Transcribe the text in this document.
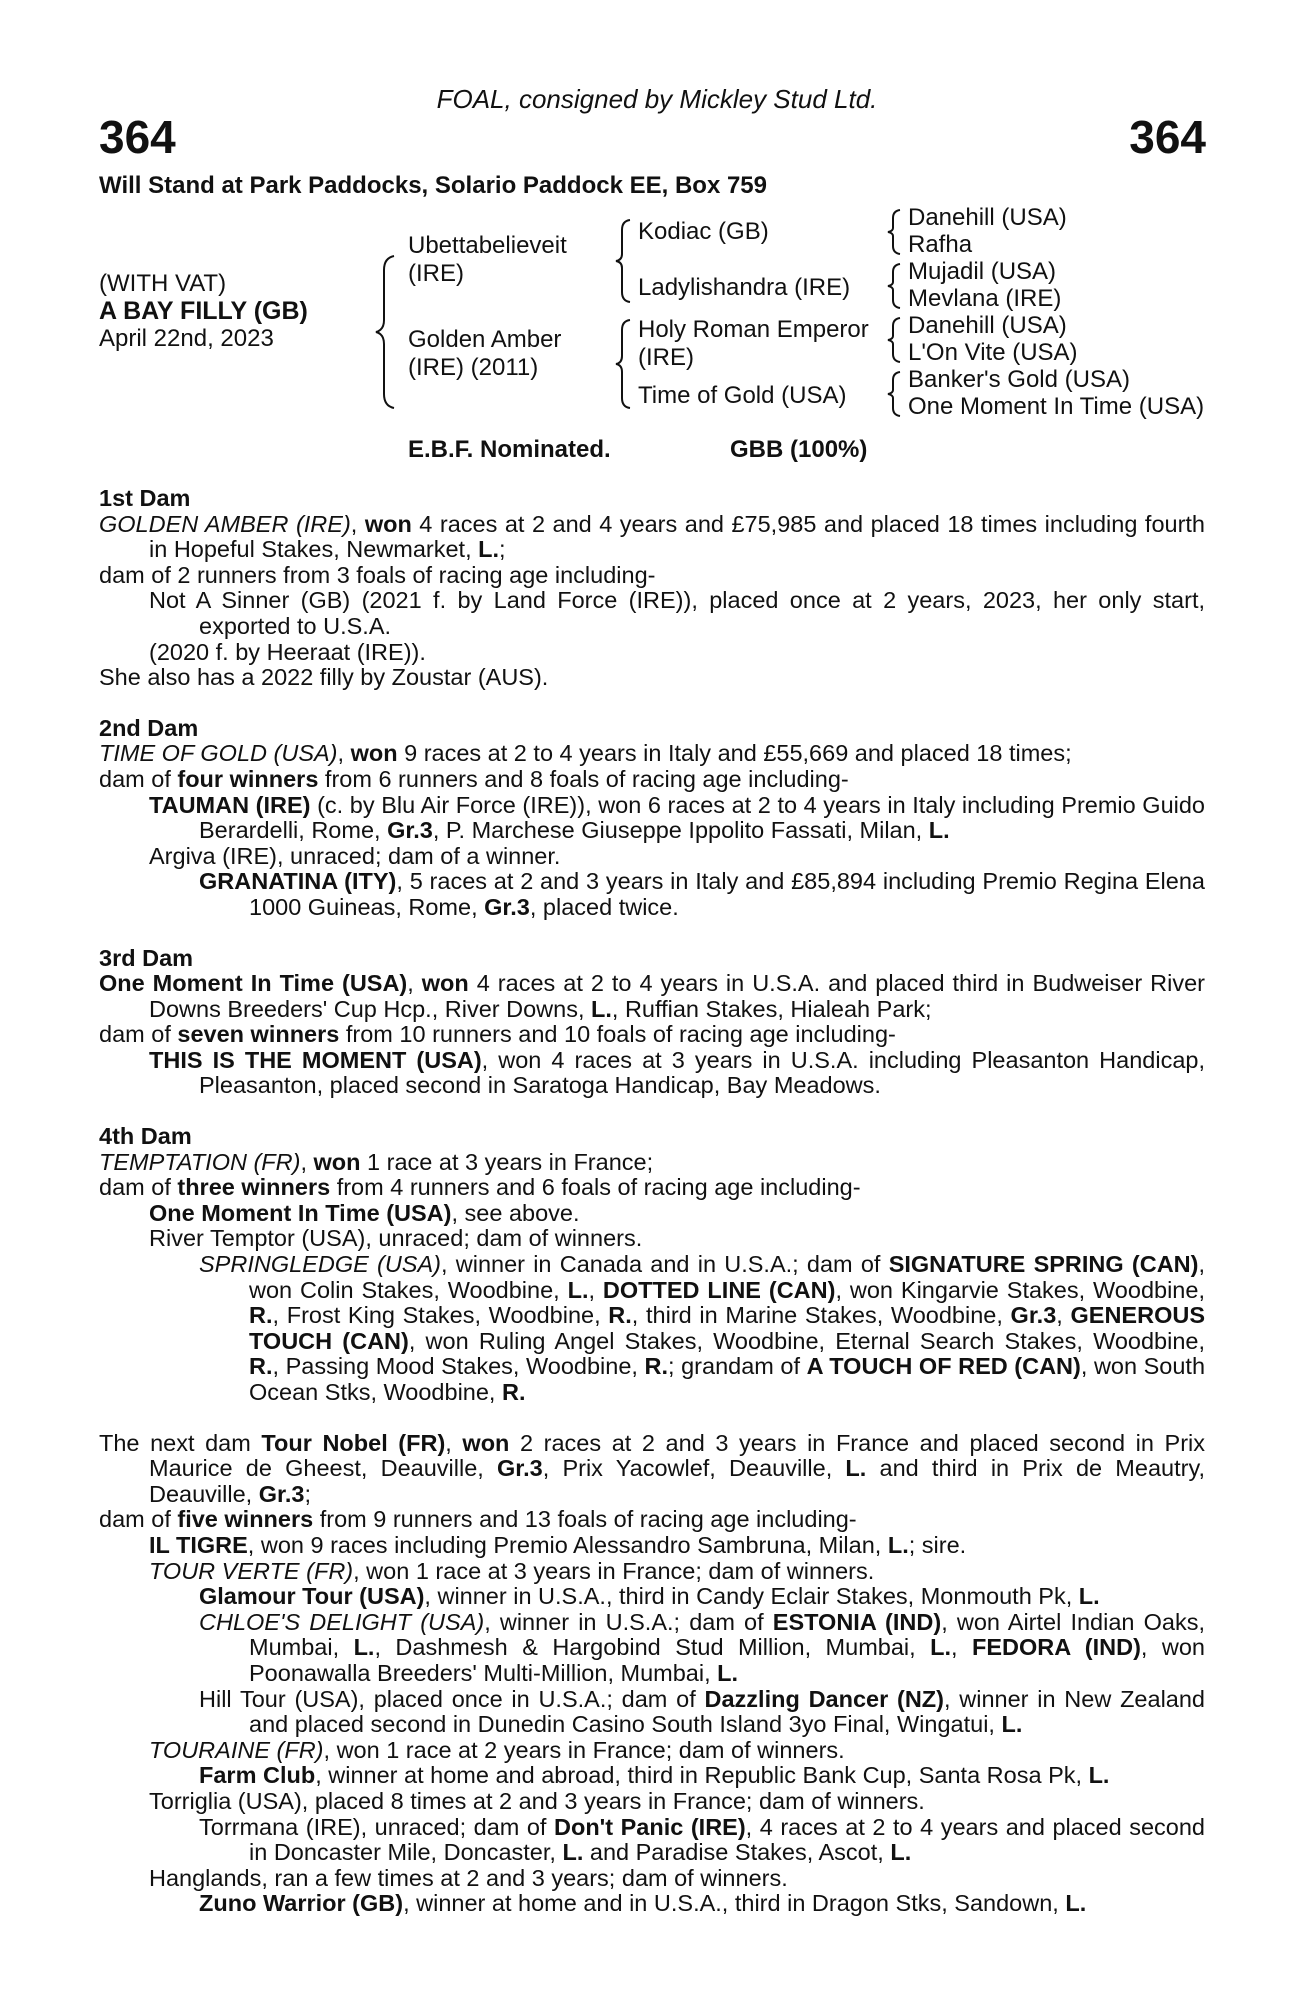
FOAL, consigned by Mickley Stud Ltd.
364	364
Will Stand at Park Paddocks, Solario Paddock EE, Box 759
(WITH VAT)
A BAY FILLY (GB)
April 22nd, 2023
Ubettabelieveit (IRE)
Golden Amber (IRE) (2011)
Kodiac (GB)
Ladylishandra (IRE)
Holy Roman Emperor (IRE)
Time of Gold (USA)
Danehill (USA)
Rafha
Mujadil (USA)
Mevlana (IRE)
Danehill (USA)
L'On Vite (USA)
Banker's Gold (USA)
One Moment In Time (USA)
E.B.F. Nominated.	GBB (100%)
1st Dam

GOLDEN AMBER (IRE), won 4 races at 2 and 4 years and £75,985 and placed 18 times including fourth in Hopeful Stakes, Newmarket, L.;

dam of 2 runners from 3 foals of racing age including-

Not A Sinner (GB) (2021 f. by Land Force (IRE)), placed once at 2 years, 2023, her only start, exported to U.S.A.

(2020 f. by Heeraat (IRE)).

She also has a 2022 filly by Zoustar (AUS).

2nd Dam

TIME OF GOLD (USA), won 9 races at 2 to 4 years in Italy and £55,669 and placed 18 times;

dam of four winners from 6 runners and 8 foals of racing age including-

TAUMAN (IRE) (c. by Blu Air Force (IRE)), won 6 races at 2 to 4 years in Italy including Premio Guido Berardelli, Rome, Gr.3, P. Marchese Giuseppe Ippolito Fassati, Milan, L.

Argiva (IRE), unraced; dam of a winner.

GRANATINA (ITY), 5 races at 2 and 3 years in Italy and £85,894 including Premio Regina Elena 1000 Guineas, Rome, Gr.3, placed twice.

3rd Dam

One Moment In Time (USA), won 4 races at 2 to 4 years in U.S.A. and placed third in Budweiser River Downs Breeders' Cup Hcp., River Downs, L., Ruffian Stakes, Hialeah Park;

dam of seven winners from 10 runners and 10 foals of racing age including-

THIS IS THE MOMENT (USA), won 4 races at 3 years in U.S.A. including Pleasanton Handicap, Pleasanton, placed second in Saratoga Handicap, Bay Meadows.

4th Dam

TEMPTATION (FR), won 1 race at 3 years in France;

dam of three winners from 4 runners and 6 foals of racing age including-

One Moment In Time (USA), see above.

River Temptor (USA), unraced; dam of winners.

SPRINGLEDGE (USA), winner in Canada and in U.S.A.; dam of SIGNATURE SPRING (CAN), won Colin Stakes, Woodbine, L., DOTTED LINE (CAN), won Kingarvie Stakes, Woodbine, R., Frost King Stakes, Woodbine, R., third in Marine Stakes, Woodbine, Gr.3, GENEROUS TOUCH (CAN), won Ruling Angel Stakes, Woodbine, Eternal Search Stakes, Woodbine, R., Passing Mood Stakes, Woodbine, R.; grandam of A TOUCH OF RED (CAN), won South Ocean Stks, Woodbine, R.

The next dam Tour Nobel (FR), won 2 races at 2 and 3 years in France and placed second in Prix Maurice de Gheest, Deauville, Gr.3, Prix Yacowlef, Deauville, L. and third in Prix de Meautry, Deauville, Gr.3;

dam of five winners from 9 runners and 13 foals of racing age including-

IL TIGRE, won 9 races including Premio Alessandro Sambruna, Milan, L.; sire.

TOUR VERTE (FR), won 1 race at 3 years in France; dam of winners.

Glamour Tour (USA), winner in U.S.A., third in Candy Eclair Stakes, Monmouth Pk, L.

CHLOE'S DELIGHT (USA), winner in U.S.A.; dam of ESTONIA (IND), won Airtel Indian Oaks, Mumbai, L., Dashmesh & Hargobind Stud Million, Mumbai, L., FEDORA (IND), won Poonawalla Breeders' Multi-Million, Mumbai, L.

Hill Tour (USA), placed once in U.S.A.; dam of Dazzling Dancer (NZ), winner in New Zealand and placed second in Dunedin Casino South Island 3yo Final, Wingatui, L.

TOURAINE (FR), won 1 race at 2 years in France; dam of winners.

Farm Club, winner at home and abroad, third in Republic Bank Cup, Santa Rosa Pk, L.

Torriglia (USA), placed 8 times at 2 and 3 years in France; dam of winners.

Torrmana (IRE), unraced; dam of Don't Panic (IRE), 4 races at 2 to 4 years and placed second in Doncaster Mile, Doncaster, L. and Paradise Stakes, Ascot, L.

Hanglands, ran a few times at 2 and 3 years; dam of winners.

Zuno Warrior (GB), winner at home and in U.S.A., third in Dragon Stks, Sandown, L.
